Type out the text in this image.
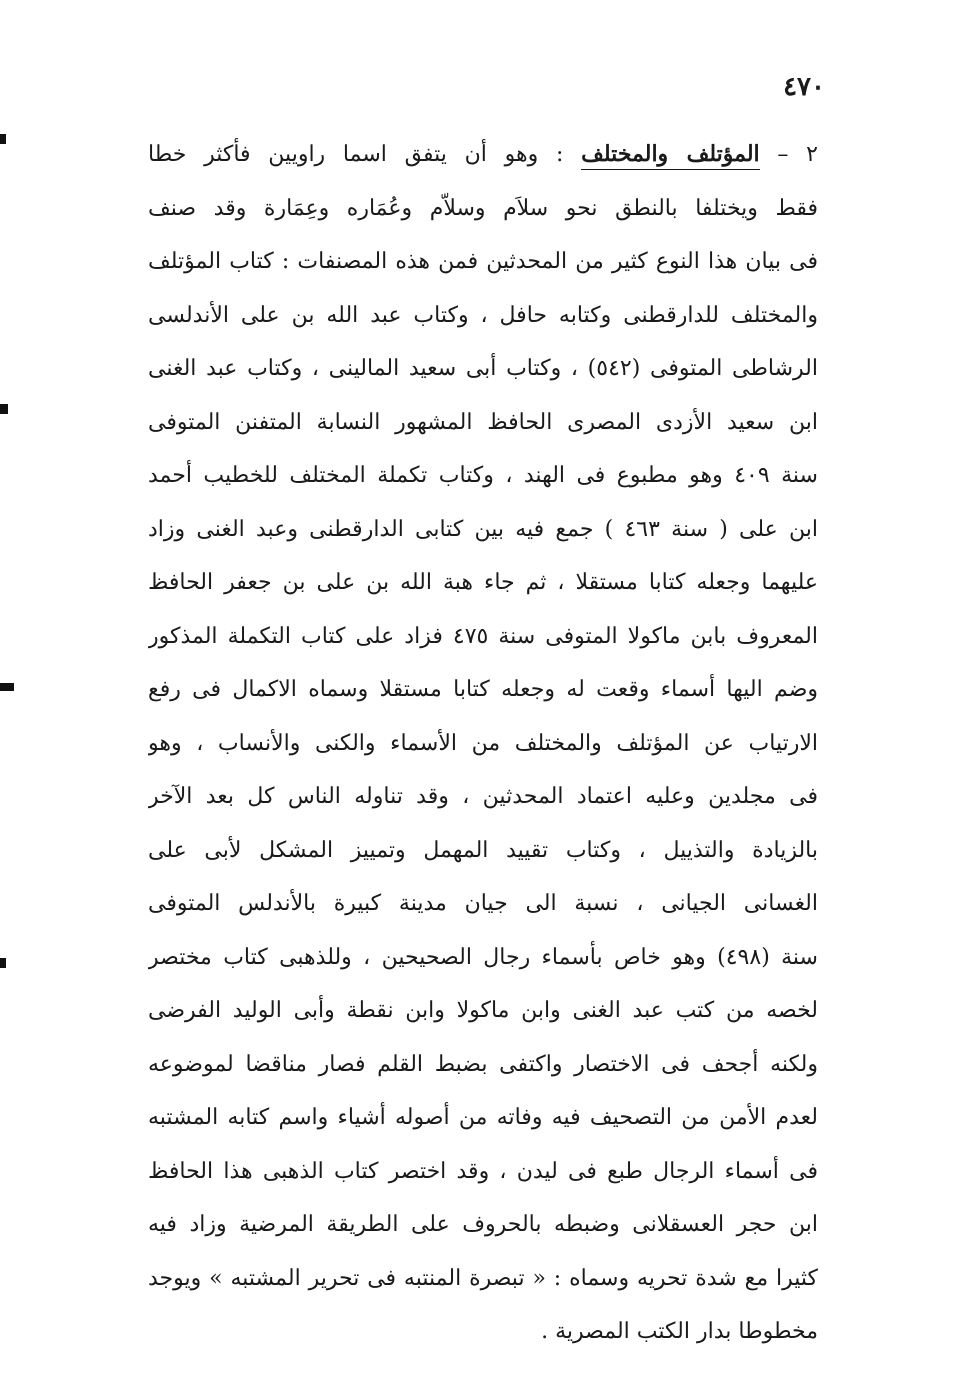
٤٧٠
٢ – المؤتلف والمختلف : وهو أن يتفق اسما راويين فأكثر خطا
فقط ويختلفا بالنطق نحو سلاَم وسلاّم وعُمَاره وعِمَارة وقد صنف
فى بيان هذا النوع كثير من المحدثين فمن هذه المصنفات : كتاب المؤتلف
والمختلف للدارقطنى وكتابه حافل ، وكتاب عبد الله بن على الأندلسى
الرشاطى المتوفى (٥٤٢) ، وكتاب أبى سعيد المالينى ، وكتاب عبد الغنى
ابن سعيد الأزدى المصرى الحافظ المشهور النسابة المتفنن المتوفى
سنة ٤٠٩ وهو مطبوع فى الهند ، وكتاب تكملة المختلف للخطيب أحمد
ابن على ( سنة ٤٦٣ ) جمع فيه بين كتابى الدارقطنى وعبد الغنى وزاد
عليهما وجعله كتابا مستقلا ، ثم جاء هبة الله بن على بن جعفر الحافظ
المعروف بابن ماكولا المتوفى سنة ٤٧٥ فزاد على كتاب التكملة المذكور
وضم اليها أسماء وقعت له وجعله كتابا مستقلا وسماه الاكمال فى رفع
الارتياب عن المؤتلف والمختلف من الأسماء والكنى والأنساب ، وهو
فى مجلدين وعليه اعتماد المحدثين ، وقد تناوله الناس كل بعد الآخر
بالزيادة والتذييل ، وكتاب تقييد المهمل وتمييز المشكل لأبى على
الغسانى الجيانى ، نسبة الى جيان مدينة كبيرة بالأندلس المتوفى
سنة (٤٩٨) وهو خاص بأسماء رجال الصحيحين ، وللذهبى كتاب مختصر
لخصه من كتب عبد الغنى وابن ماكولا وابن نقطة وأبى الوليد الفرضى
ولكنه أجحف فى الاختصار واكتفى بضبط القلم فصار مناقضا لموضوعه
لعدم الأمن من التصحيف فيه وفاته من أصوله أشياء واسم كتابه المشتبه
فى أسماء الرجال طبع فى ليدن ، وقد اختصر كتاب الذهبى هذا الحافظ
ابن حجر العسقلانى وضبطه بالحروف على الطريقة المرضية وزاد فيه
كثيرا مع شدة تحريه وسماه : « تبصرة المنتبه فى تحرير المشتبه » ويوجد
مخطوطا بدار الكتب المصرية .
